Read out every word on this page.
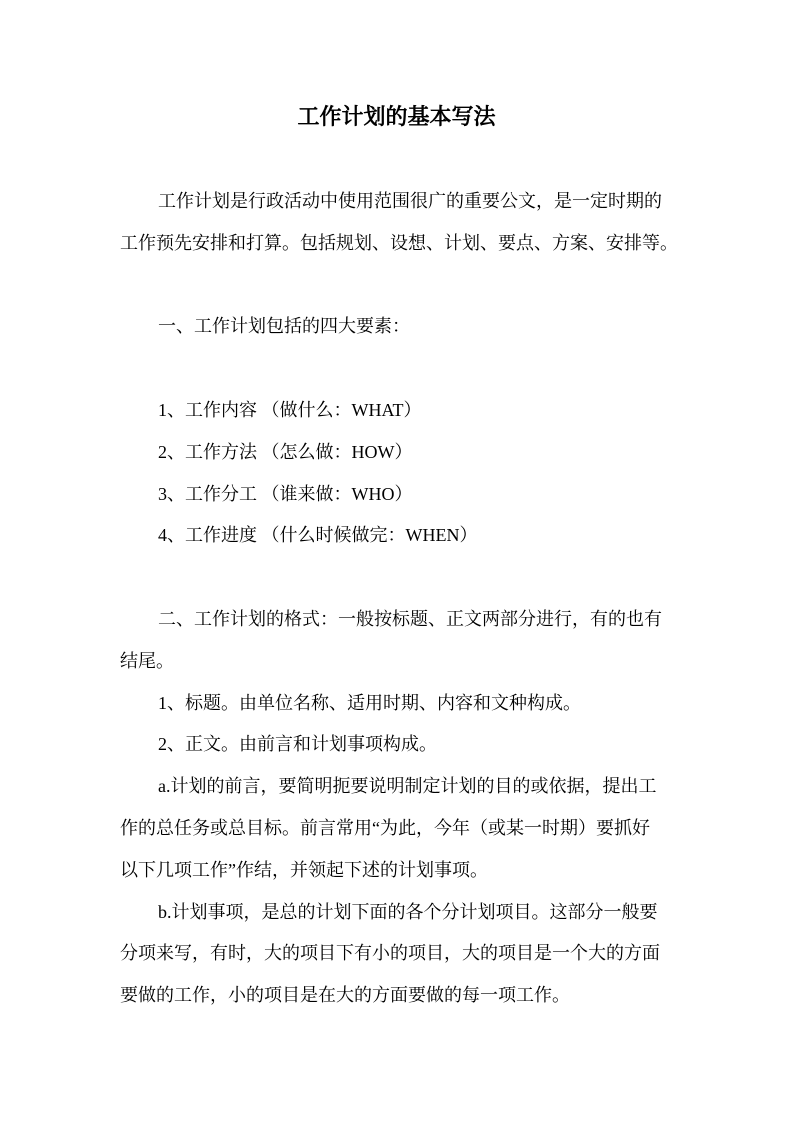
工作计划的基本写法
工作计划是行政活动中使用范围很广的重要公文，是一定时期的
工作预先安排和打算。包括规划、设想、计划、要点、方案、安排等。
一、工作计划包括的四大要素：
1、工作内容 （做什么：WHAT）
2、工作方法 （怎么做：HOW）
3、工作分工 （谁来做：WHO）
4、工作进度 （什么时候做完：WHEN）
二、工作计划的格式：一般按标题、正文两部分进行，有的也有
结尾。
1、标题。由单位名称、适用时期、内容和文种构成。
2、正文。由前言和计划事项构成。
a.计划的前言，要简明扼要说明制定计划的目的或依据，提出工
作的总任务或总目标。前言常用“为此，今年（或某一时期）要抓好
以下几项工作”作结，并领起下述的计划事项。
b.计划事项，是总的计划下面的各个分计划项目。这部分一般要
分项来写，有时，大的项目下有小的项目，大的项目是一个大的方面
要做的工作，小的项目是在大的方面要做的每一项工作。
